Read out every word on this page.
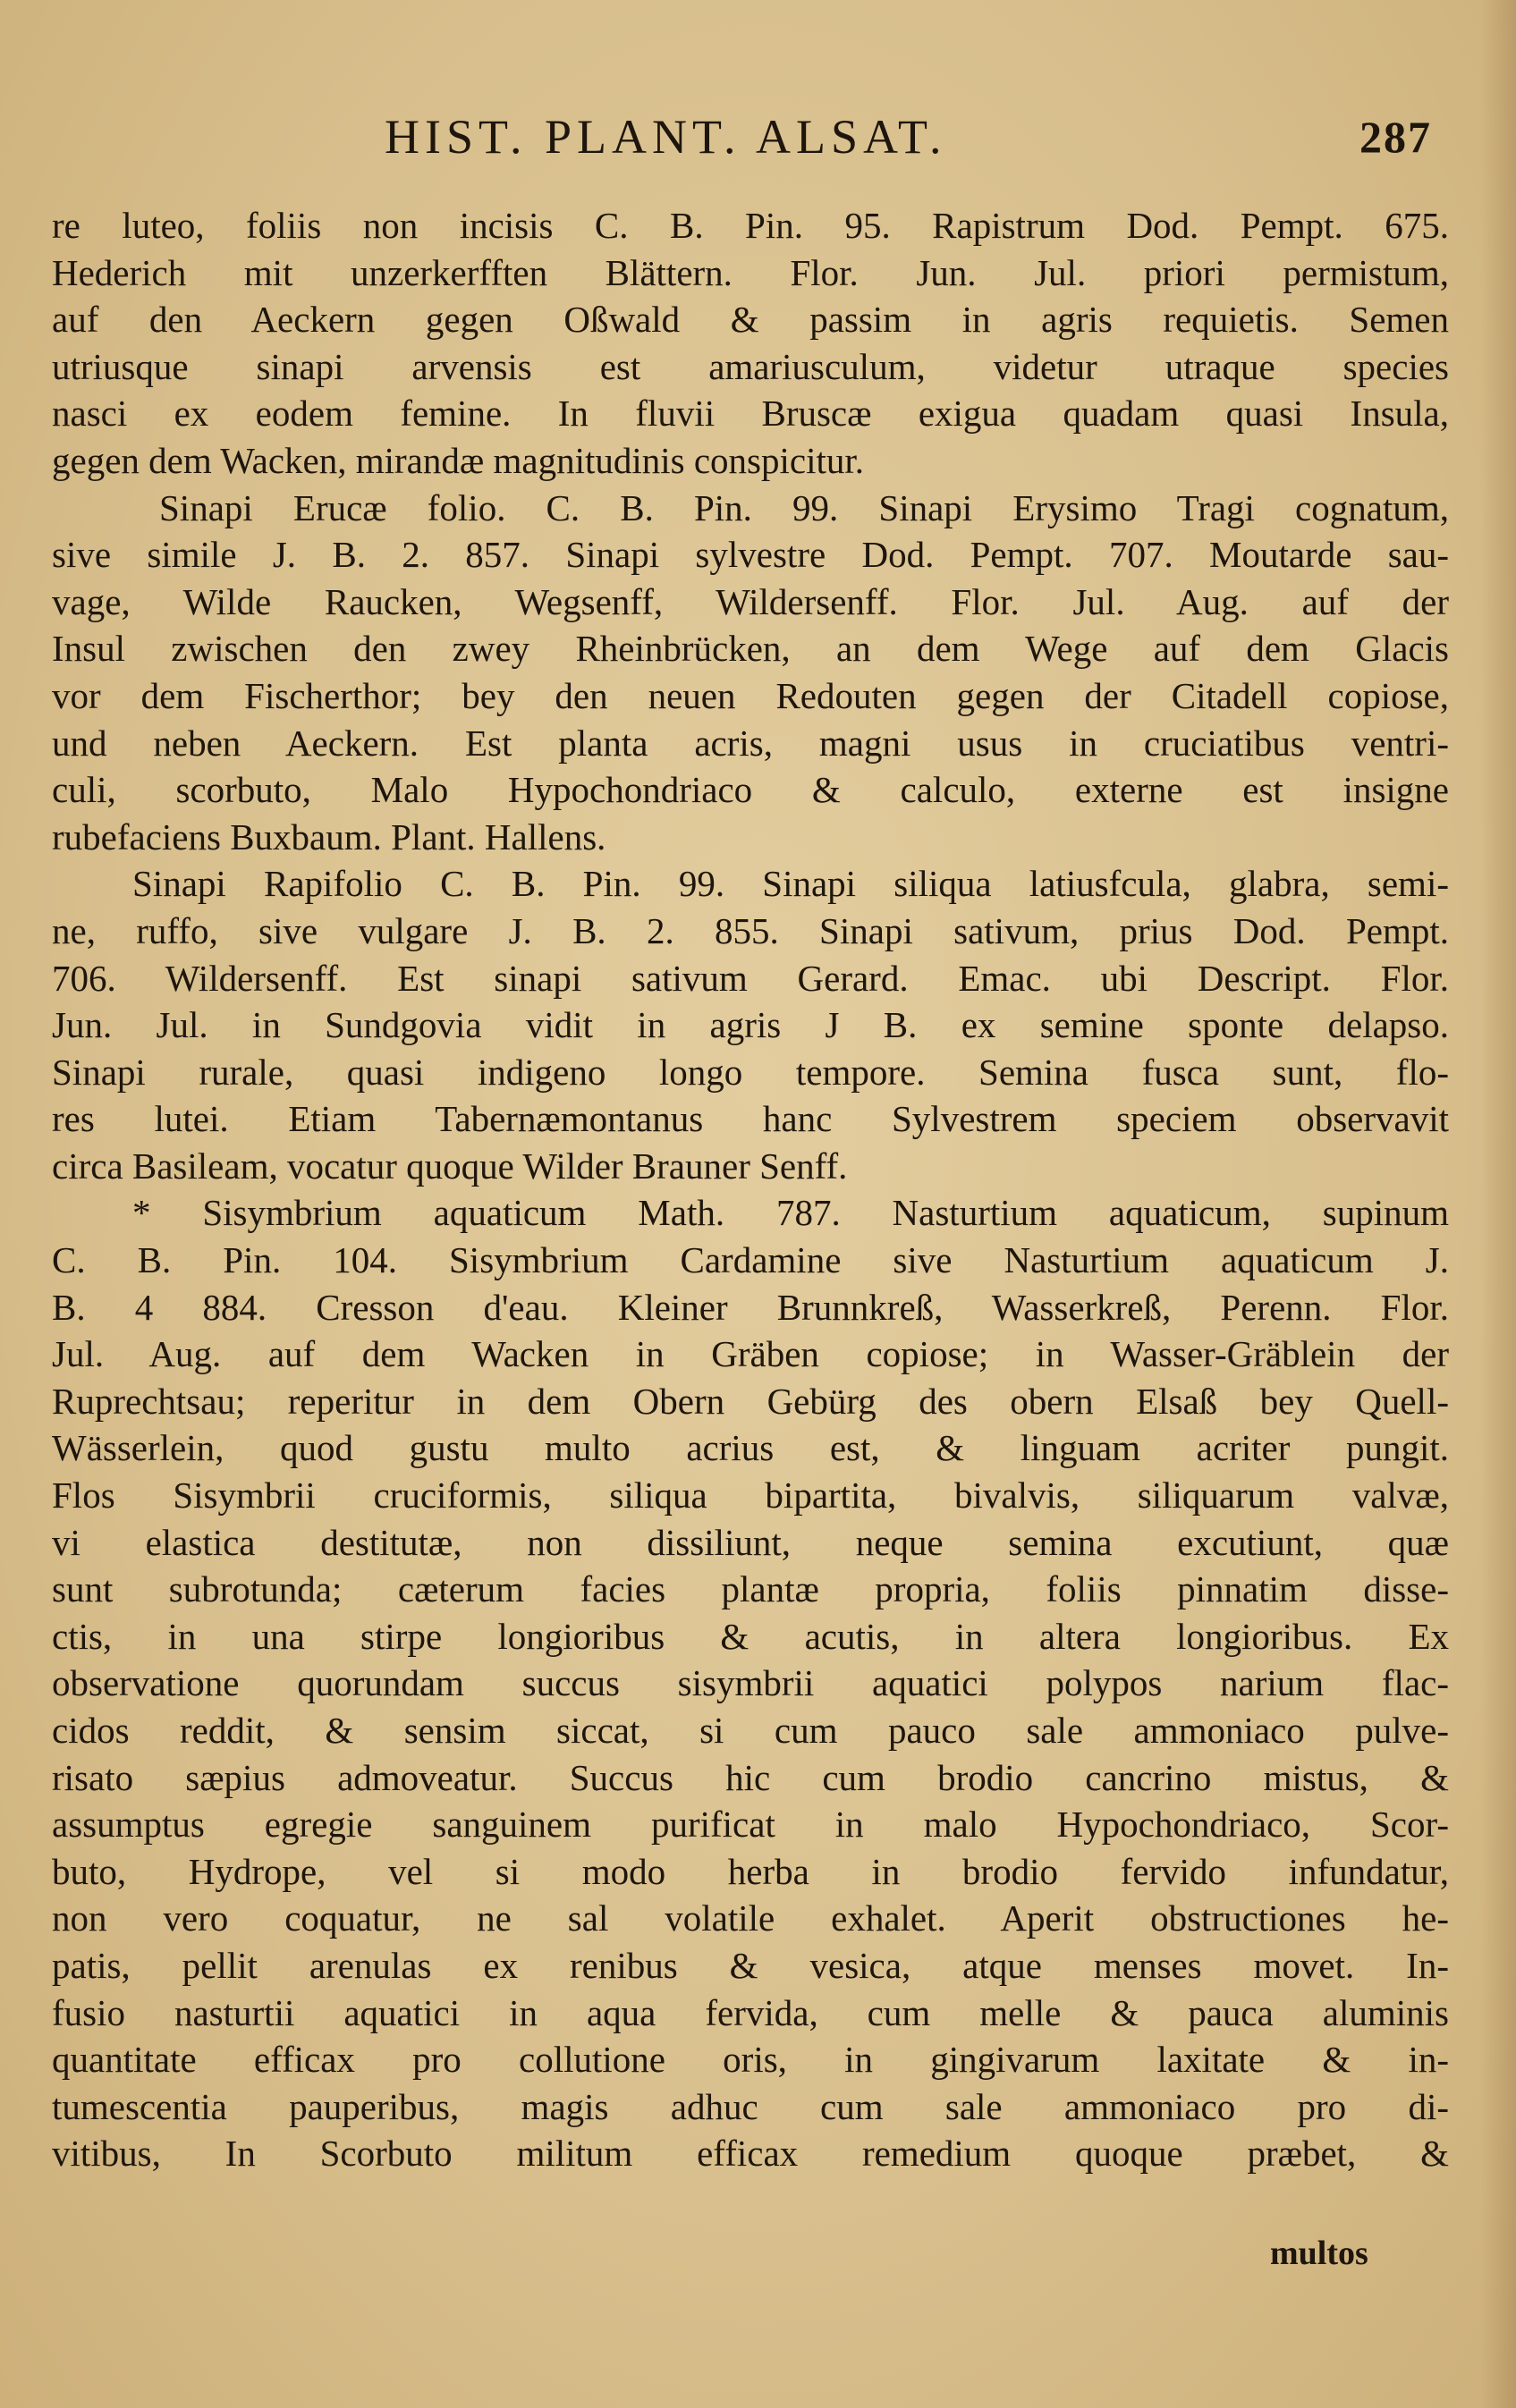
HIST. PLANT. ALSAT.	287
re luteo, foliis non incisis C. B. Pin. 95. Rapistrum Dod. Pempt. 675.
Hederich mit unzerkerfften Blättern. Flor. Jun. Jul. priori permistum,
auf den Aeckern gegen Oßwald & passim in agris requietis. Semen
utriusque sinapi arvensis est amariusculum, videtur utraque species
nasci ex eodem femine. In fluvii Bruscæ exigua quadam quasi Insula,
gegen dem Wacken, mirandæ magnitudinis conspicitur.
Sinapi Erucæ folio. C. B. Pin. 99. Sinapi Erysimo Tragi cognatum,
sive simile J. B. 2. 857. Sinapi sylvestre Dod. Pempt. 707. Moutarde sau-
vage, Wilde Raucken, Wegsenff, Wildersenff. Flor. Jul. Aug. auf der
Insul zwischen den zwey Rheinbrücken, an dem Wege auf dem Glacis
vor dem Fischerthor; bey den neuen Redouten gegen der Citadell copiose,
und neben Aeckern. Est planta acris, magni usus in cruciatibus ventri-
culi, scorbuto, Malo Hypochondriaco & calculo, externe est insigne
rubefaciens Buxbaum. Plant. Hallens.
Sinapi Rapifolio C. B. Pin. 99. Sinapi siliqua latiusfcula, glabra, semi-
ne, ruffo, sive vulgare J. B. 2. 855. Sinapi sativum, prius Dod. Pempt.
706. Wildersenff. Est sinapi sativum Gerard. Emac. ubi Descript. Flor.
Jun. Jul. in Sundgovia vidit in agris J B. ex semine sponte delapso.
Sinapi rurale, quasi indigeno longo tempore. Semina fusca sunt, flo-
res lutei. Etiam Tabernæmontanus hanc Sylvestrem speciem observavit
circa Basileam, vocatur quoque Wilder Brauner Senff.
* Sisymbrium aquaticum Math. 787. Nasturtium aquaticum, supinum
C. B. Pin. 104. Sisymbrium Cardamine sive Nasturtium aquaticum J.
B. 4 884. Cresson d'eau. Kleiner Brunnkreß, Wasserkreß, Perenn. Flor.
Jul. Aug. auf dem Wacken in Gräben copiose; in Wasser-Gräblein der
Ruprechtsau; reperitur in dem Obern Gebürg des obern Elsaß bey Quell-
Wässerlein, quod gustu multo acrius est, & linguam acriter pungit.
Flos Sisymbrii cruciformis, siliqua bipartita, bivalvis, siliquarum valvæ,
vi elastica destitutæ, non dissiliunt, neque semina excutiunt, quæ
sunt subrotunda; cæterum facies plantæ propria, foliis pinnatim disse-
ctis, in una stirpe longioribus & acutis, in altera longioribus. Ex
observatione quorundam succus sisymbrii aquatici polypos narium flac-
cidos reddit, & sensim siccat, si cum pauco sale ammoniaco pulve-
risato sæpius admoveatur. Succus hic cum brodio cancrino mistus, &
assumptus egregie sanguinem purificat in malo Hypochondriaco, Scor-
buto, Hydrope, vel si modo herba in brodio fervido infundatur,
non vero coquatur, ne sal volatile exhalet. Aperit obstructiones he-
patis, pellit arenulas ex renibus & vesica, atque menses movet. In-
fusio nasturtii aquatici in aqua fervida, cum melle & pauca aluminis
quantitate efficax pro collutione oris, in gingivarum laxitate & in-
tumescentia pauperibus, magis adhuc cum sale ammoniaco pro di-
vitibus, In Scorbuto militum efficax remedium quoque præbet, &
multos
